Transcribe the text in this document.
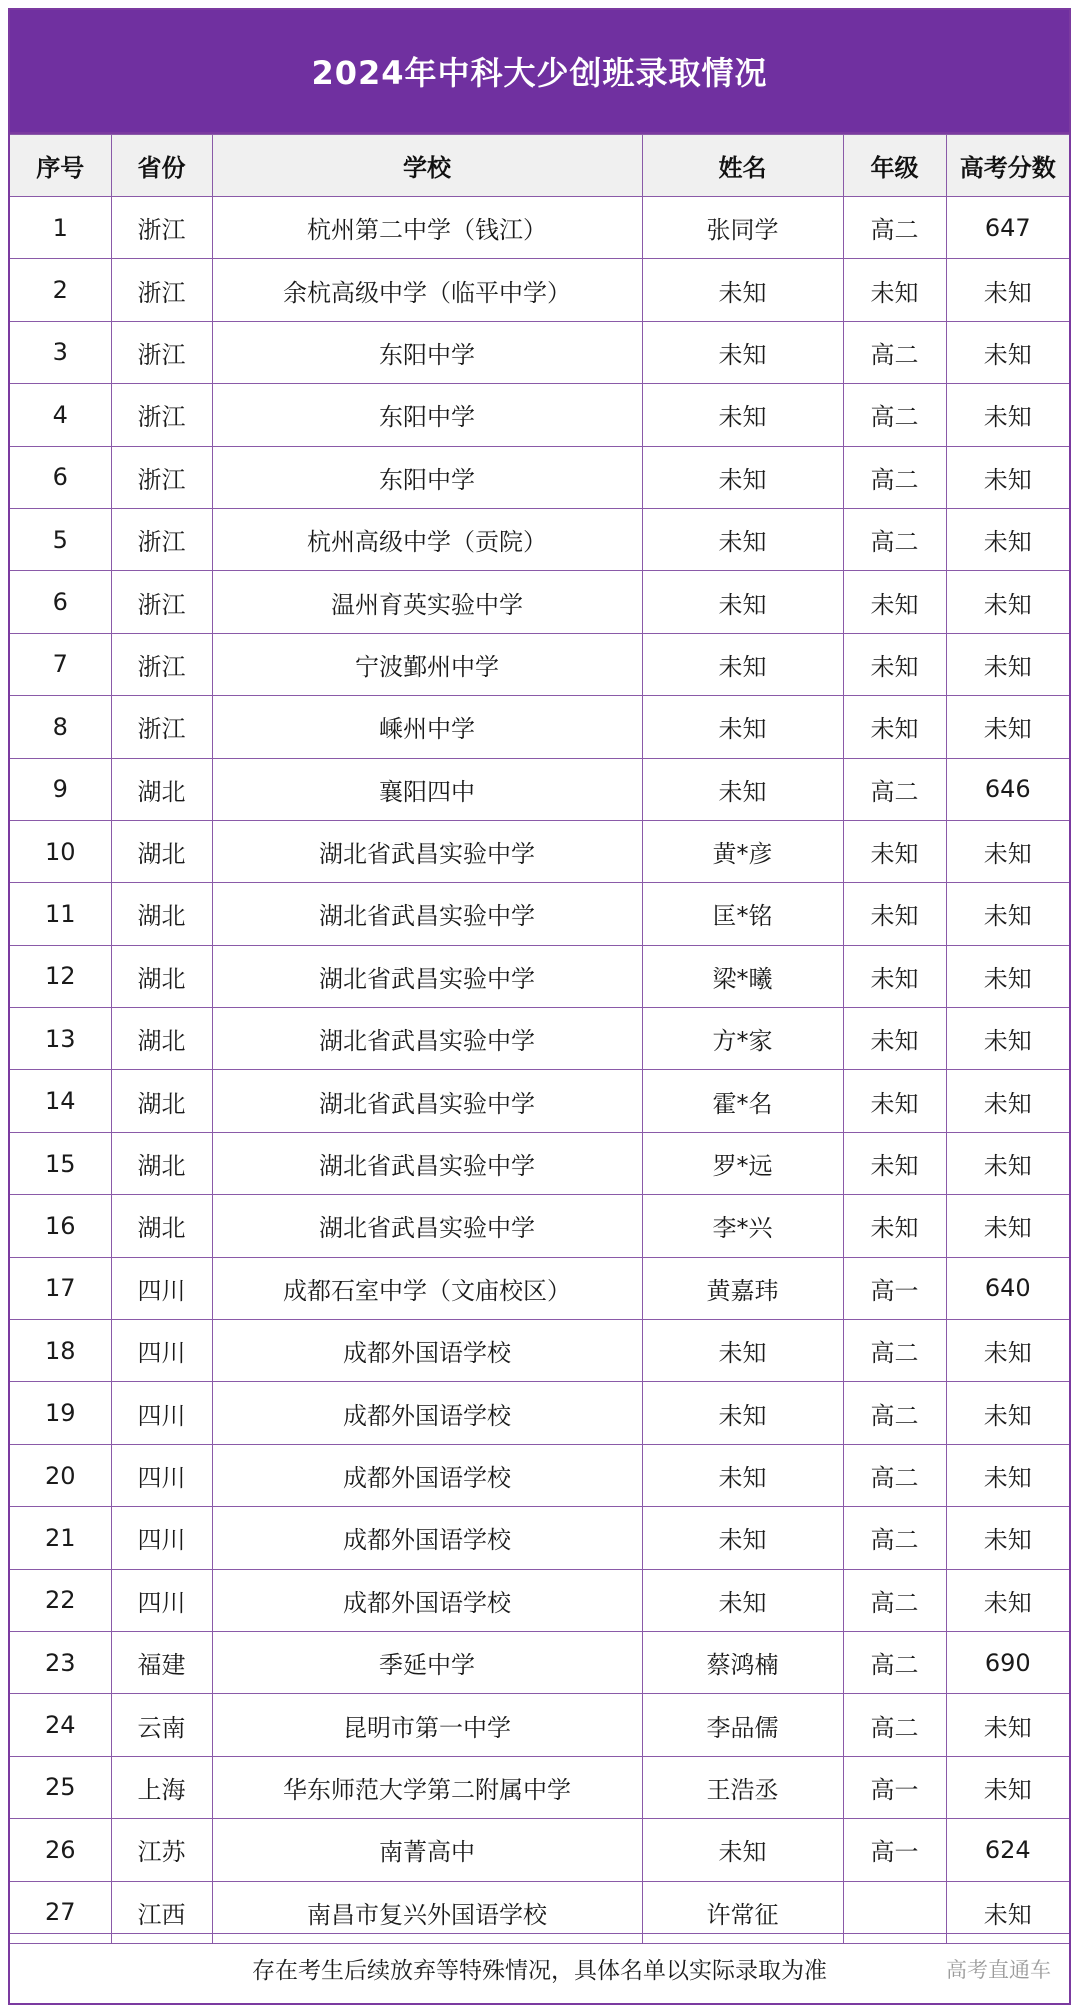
2024年中科大少创班录取情况
序号	省份	学校	姓名	年级	高考分数
1	浙江	杭州第二中学（钱江）	张同学	高二	647
2	浙江	余杭高级中学（临平中学）	未知	未知	未知
3	浙江	东阳中学	未知	高二	未知
4	浙江	东阳中学	未知	高二	未知
6	浙江	东阳中学	未知	高二	未知
5	浙江	杭州高级中学（贡院）	未知	高二	未知
6	浙江	温州育英实验中学	未知	未知	未知
7	浙江	宁波鄞州中学	未知	未知	未知
8	浙江	嵊州中学	未知	未知	未知
9	湖北	襄阳四中	未知	高二	646
10	湖北	湖北省武昌实验中学	黄*彦	未知	未知
11	湖北	湖北省武昌实验中学	匡*铭	未知	未知
12	湖北	湖北省武昌实验中学	梁*曦	未知	未知
13	湖北	湖北省武昌实验中学	方*家	未知	未知
14	湖北	湖北省武昌实验中学	霍*名	未知	未知
15	湖北	湖北省武昌实验中学	罗*远	未知	未知
16	湖北	湖北省武昌实验中学	李*兴	未知	未知
17	四川	成都石室中学（文庙校区）	黄嘉玮	高一	640
18	四川	成都外国语学校	未知	高二	未知
19	四川	成都外国语学校	未知	高二	未知
20	四川	成都外国语学校	未知	高二	未知
21	四川	成都外国语学校	未知	高二	未知
22	四川	成都外国语学校	未知	高二	未知
23	福建	季延中学	蔡鸿楠	高二	690
24	云南	昆明市第一中学	李品儒	高二	未知
25	上海	华东师范大学第二附属中学	王浩丞	高一	未知
26	江苏	南菁高中	未知	高一	624
27	江西	南昌市复兴外国语学校	许常征		未知
存在考生后续放弃等特殊情况，具体名单以实际录取为准	高考直通车
